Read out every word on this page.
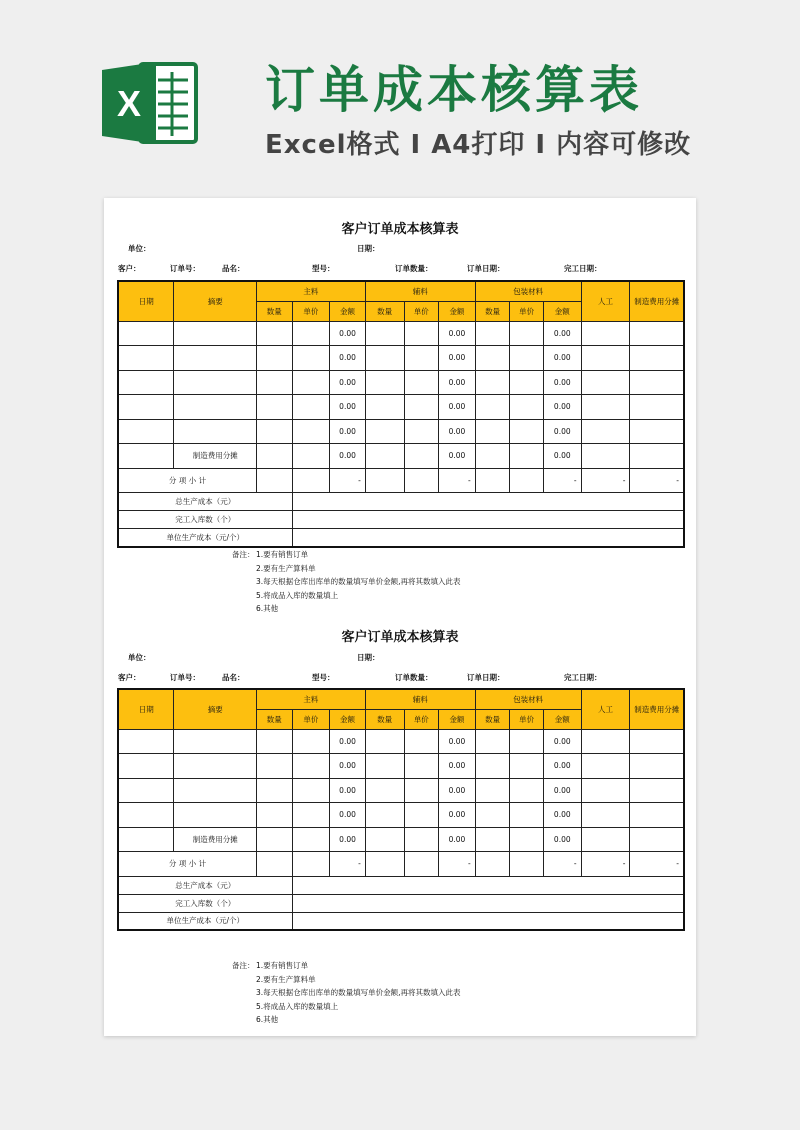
X 订单成本核算表
Excel格式 I A4打印 I 内容可修改
客户订单成本核算表
单位：	日期：
客户：	订单号：	品名：	型号：	订单数量：	订单日期：	完工日期：
日期	摘要	主料			辅料			包装材料			人工	制造费用分摊
		数量	单价	金额	数量	单价	金额	数量	单价	金额		
				0.00			0.00			0.00		
				0.00			0.00			0.00		
				0.00			0.00			0.00		
				0.00			0.00			0.00		
				0.00			0.00			0.00		
	制造费用分摊			0.00			0.00			0.00		
分 项 小 计				-			-			-	-	-
总生产成本（元）												
完工入库数（个）												
单位生产成本（元/个）												
备注： 1.要有销售订单
2.要有生产算料单
3.每天根据仓库出库单的数量填写单价金额,再将其数填入此表
5.将成品入库的数量填上
6.其他
客户订单成本核算表
单位：	日期：
客户：	订单号：	品名：	型号：	订单数量：	订单日期：	完工日期：
日期	摘要	主料			辅料			包装材料			人工	制造费用分摊
		数量	单价	金额	数量	单价	金额	数量	单价	金额		
				0.00			0.00			0.00		
				0.00			0.00			0.00		
				0.00			0.00			0.00		
				0.00			0.00			0.00		
	制造费用分摊			0.00			0.00			0.00		
分 项 小 计				-			-			-	-	-
总生产成本（元）												
完工入库数（个）												
单位生产成本（元/个）												
备注： 1.要有销售订单
2.要有生产算料单
3.每天根据仓库出库单的数量填写单价金额,再将其数填入此表
5.将成品入库的数量填上
6.其他
